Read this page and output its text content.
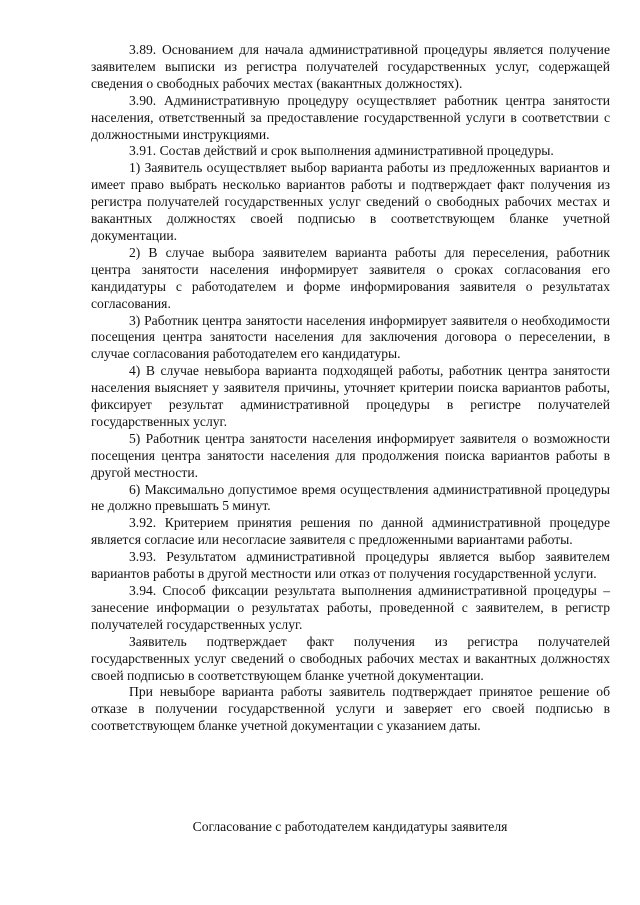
3.89. Основанием для начала административной процедуры является получение заявителем выписки из регистра получателей государственных услуг, содержащей сведения о свободных рабочих местах (вакантных должностях).

3.90. Административную процедуру осуществляет работник центра занятости населения, ответственный за предоставление государственной услуги в соответствии с должностными инструкциями.

3.91. Состав действий и срок выполнения административной процедуры.

1) Заявитель осуществляет выбор варианта работы из предложенных вариантов и имеет право выбрать несколько вариантов работы и подтверждает факт получения из регистра получателей государственных услуг сведений о свободных рабочих местах и вакантных должностях своей подписью в соответствующем бланке учетной документации.

2) В случае выбора заявителем варианта работы для переселения, работник центра занятости населения информирует заявителя о сроках согласования его кандидатуры с работодателем и форме информирования заявителя о результатах согласования.

3) Работник центра занятости населения информирует заявителя о необходимости посещения центра занятости населения для заключения договора о переселении, в случае согласования работодателем его кандидатуры.

4) В случае невыбора варианта подходящей работы, работник центра занятости населения выясняет у заявителя причины, уточняет критерии поиска вариантов работы, фиксирует результат административной процедуры в регистре получателей государственных услуг.

5) Работник центра занятости населения информирует заявителя о возможности посещения центра занятости населения для продолжения поиска вариантов работы в другой местности.

6) Максимально допустимое время осуществления административной процедуры не должно превышать 5 минут.

3.92. Критерием принятия решения по данной административной процедуре является согласие или несогласие заявителя с предложенными вариантами работы.

3.93. Результатом административной процедуры является выбор заявителем вариантов работы в другой местности или отказ от получения государственной услуги.

3.94. Способ фиксации результата выполнения административной процедуры – занесение информации о результатах работы, проведенной с заявителем, в регистр получателей государственных услуг.

Заявитель подтверждает факт получения из регистра получателей государственных услуг сведений о свободных рабочих местах и вакантных должностях своей подписью в соответствующем бланке учетной документации.

При невыборе варианта работы заявитель подтверждает принятое решение об отказе в получении государственной услуги и заверяет его своей подписью в соответствующем бланке учетной документации с указанием даты.

Согласование с работодателем кандидатуры заявителя
